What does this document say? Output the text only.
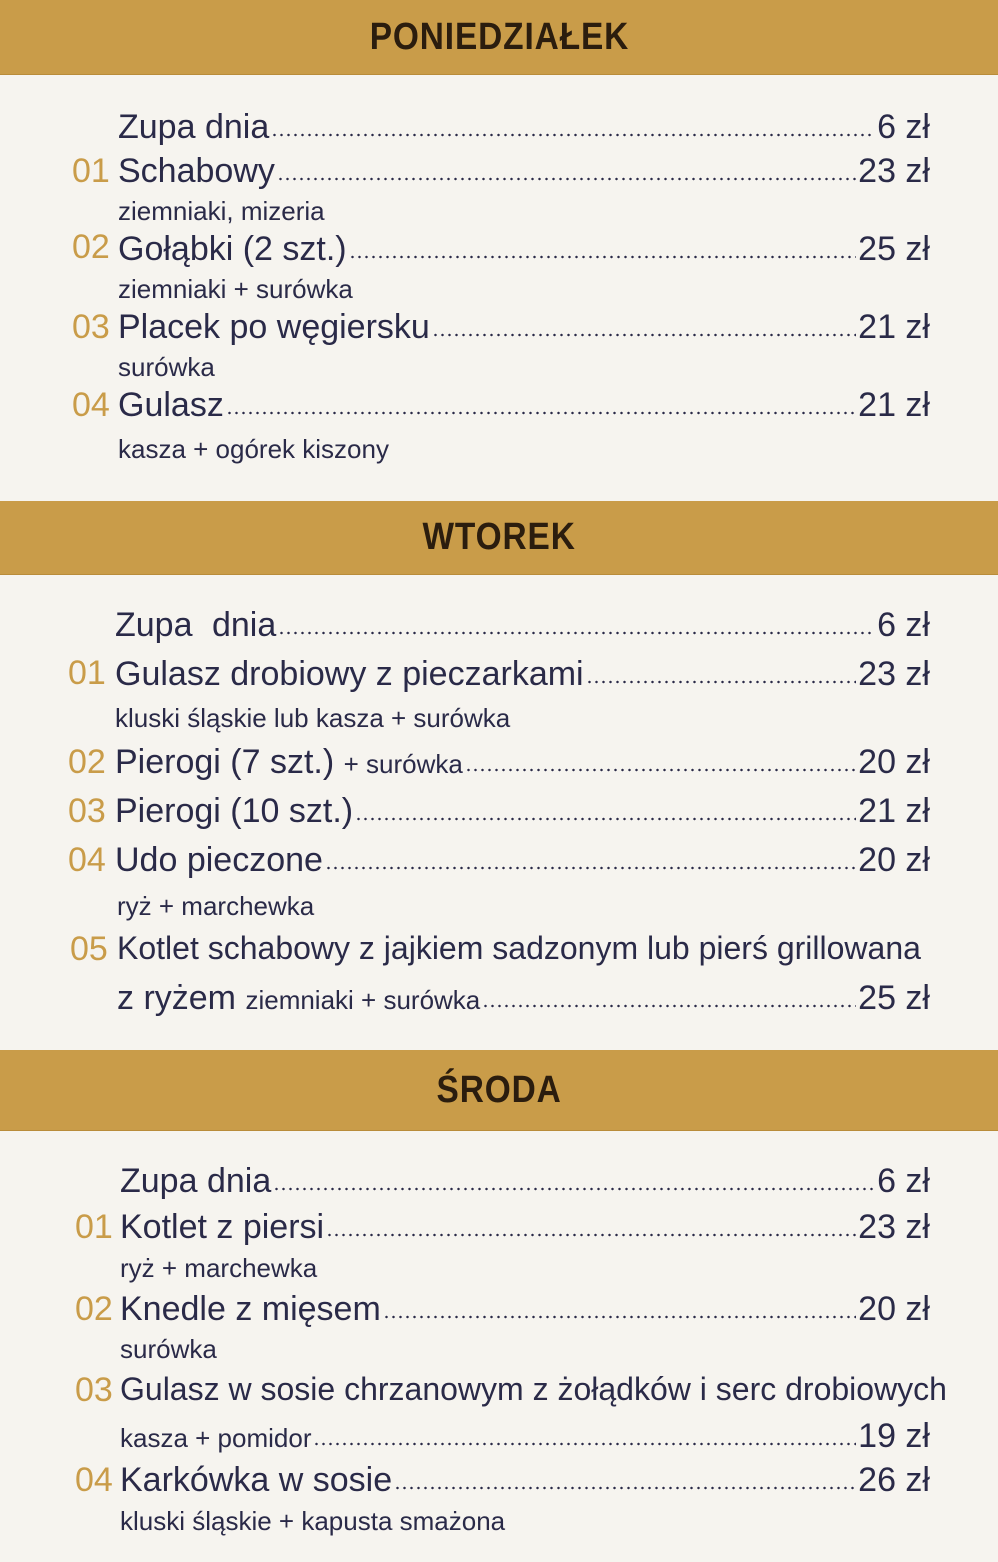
PONIEDZIAŁEK
Zupa dnia	6 zł
01 Schabowy	23 zł
ziemniaki, mizeria
02 Gołąbki (2 szt.)	25 zł
ziemniaki + surówka
03 Placek po węgiersku	21 zł
surówka
04 Gulasz	21 zł
kasza + ogórek kiszony
WTOREK
Zupa dnia	6 zł
01 Gulasz drobiowy z pieczarkami	23 zł
kluski śląskie lub kasza + surówka
02 Pierogi (7 szt.) + surówka	20 zł
03 Pierogi (10 szt.)	21 zł
04 Udo pieczone	20 zł
ryż + marchewka
05 Kotlet schabowy z jajkiem sadzonym lub pierś grillowana
z ryżem ziemniaki + surówka	25 zł
ŚRODA
Zupa dnia	6 zł
01 Kotlet z piersi	23 zł
ryż + marchewka
02 Knedle z mięsem	20 zł
surówka
03 Gulasz w sosie chrzanowym z żołądków i serc drobiowych
kasza + pomidor	19 zł
04 Karkówka w sosie	26 zł
kluski śląskie + kapusta smażona
